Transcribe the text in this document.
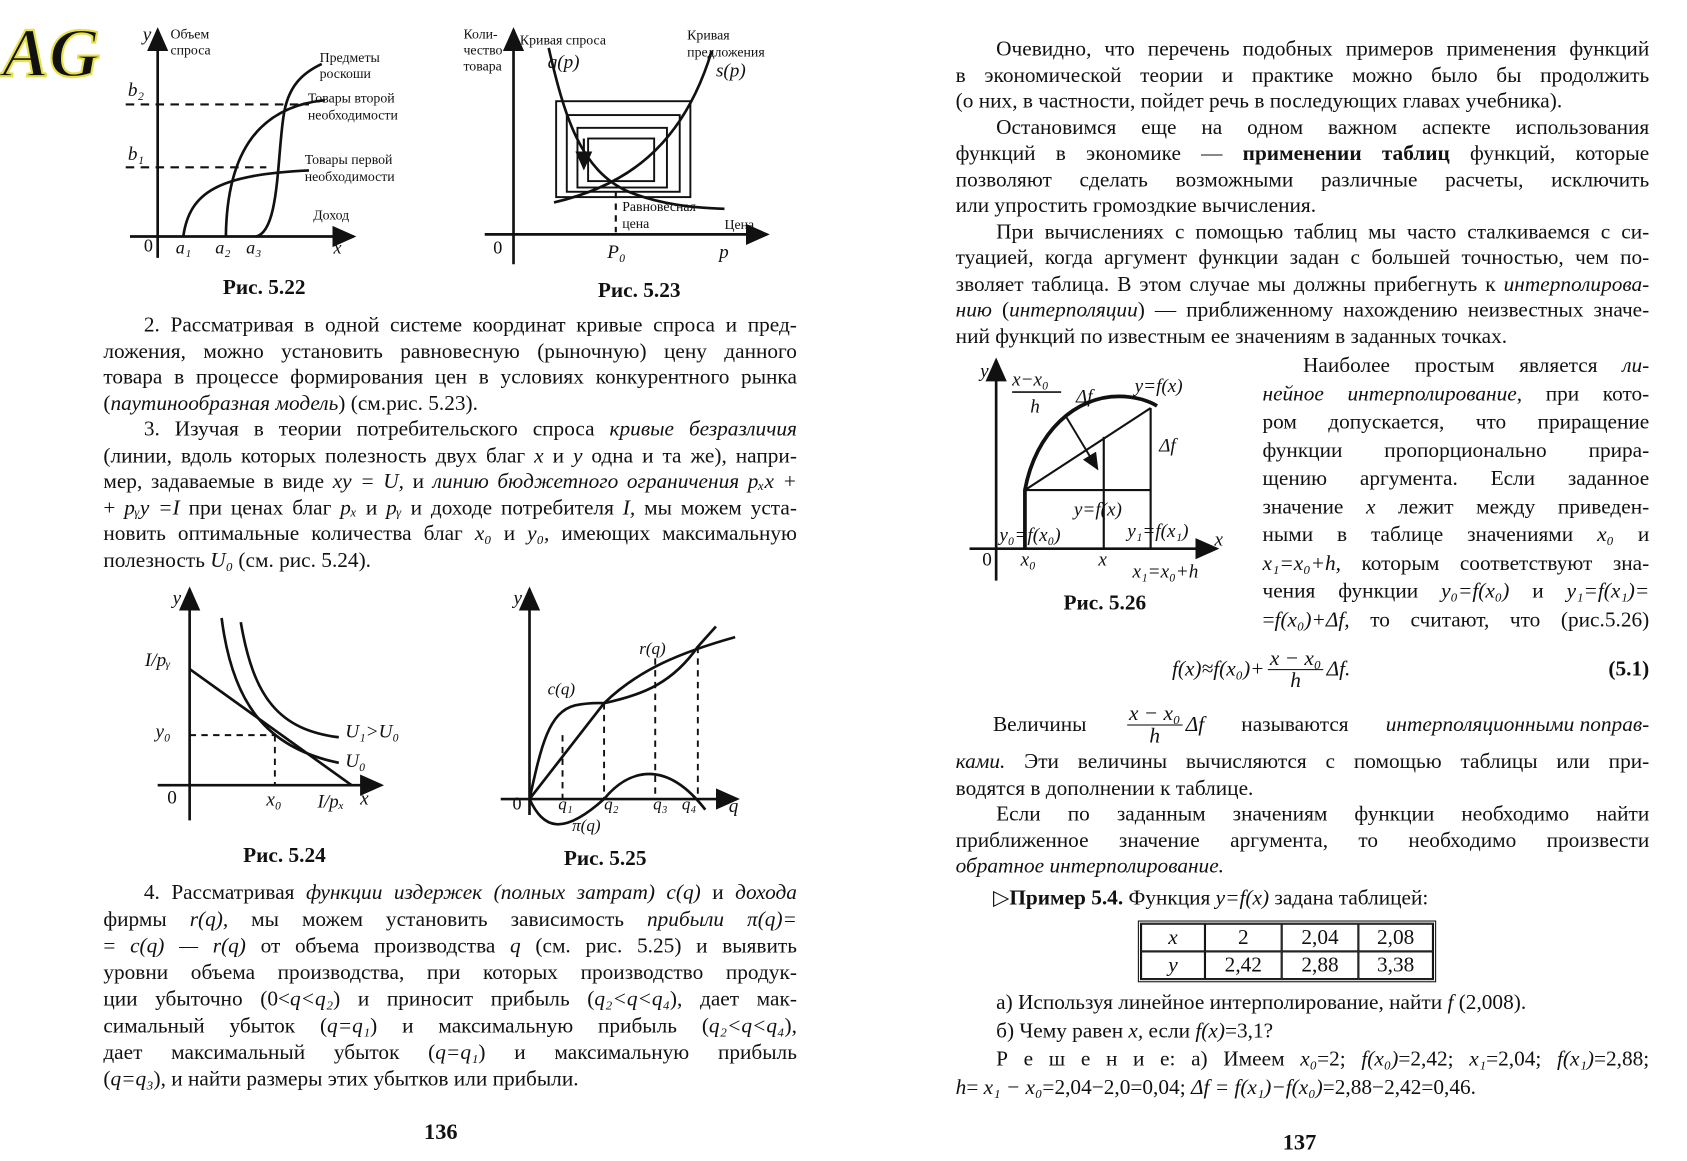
AG y Объем
спроса
b₂
b₁
0 a₁ a₂ a₃	x
Доход
Предметы
роскоши
Товары второй
необходимости
Товары первой
необходимости
Рис. 5.22
Коли-
чество
товара
Кривая спроса
q(p)
Кривая
предложения
s(p)
Равновесная
цена	Цена
0	P₀	p
Рис. 5.23
y
I/pᵧ
y₀
0	x₀ I/pₓ x
U₁>U₀
U₀
Рис. 5.24
y
0 q₁ q₂ q₃ q₄ q
π(q)
c(q)
r(q)
Рис. 5.25
y x−x₀
h Δf
y=f(x)
Δf
y=f(x)
y₀=f(x₀)	y₁=f(x₁) x
0 x₀	x
x₁=x₀+h
Рис. 5.26
2. Рассматривая в одной системе координат кривые спроса и пред-
ложения, можно установить равновесную (рыночную) цену данного
товара в процессе формирования цен в условиях конкурентного рынка
(паутинообразная модель) (см.рис. 5.23).
3. Изучая в теории потребительского спроса кривые безразличия
(линии, вдоль которых полезность двух благ x и y одна и та же), напри-
мер, задаваемые в виде xy = U, и линию бюджетного ограничения pₓx +
+ pᵧy =I при ценах благ pₓ и pᵧ и доходе потребителя I, мы можем уста-
новить оптимальные количества благ x₀ и y₀, имеющих максимальную
полезность U₀ (см. рис. 5.24).
4. Рассматривая функции издержек (полных затрат) c(q) и дохода
фирмы r(q), мы можем установить зависимость прибыли π(q)=
= c(q) — r(q) от объема производства q (см. рис. 5.25) и выявить
уровни объема производства, при которых производство продук-
ции убыточно (0<q<q₂) и приносит прибыль (q₂<q<q₄), дает мак-
симальный убыток (q=q₁) и максимальную прибыль (q₂<q<q₄),
дает максимальный убыток (q=q₁) и максимальную прибыль
(q=q₃), и найти размеры этих убытков или прибыли.
136
Очевидно, что перечень подобных примеров применения функций
в экономической теории и практике можно было бы продолжить
(о них, в частности, пойдет речь в последующих главах учебника).
Остановимся еще на одном важном аспекте использования
функций в экономике — применении таблиц функций, которые
позволяют сделать возможными различные расчеты, исключить
или упростить громоздкие вычисления.
При вычислениях с помощью таблиц мы часто сталкиваемся с си-
туацией, когда аргумент функции задан с большей точностью, чем по-
зволяет таблица. В этом случае мы должны прибегнуть к интерполирова-
нию (интерполяции) — приближенному нахождению неизвестных значе-
ний функций по известным ее значениям в заданных точках.
Наиболее простым является ли-
нейное интерполирование, при кото-
ром допускается, что приращение
функции пропорционально прира-
щению аргумента. Если заданное
значение x лежит между приведен-
ными в таблице значениями x₀ и
x₁=x₀+h, которым соответствуют зна-
чения функции y₀=f(x₀) и y₁=f(x₁)=
=f(x₀)+Δf, то считают, что (рис.5.26)
$f(x)\approx f(x_0)+ \frac{\text{x − x₀}}{h} \Delta f$.	(5.1)
Величины $\frac{\text{x − x₀}}{h}$ Δf называются интерполяционными поправ-
ками. Эти величины вычисляются с помощью таблицы или при-
водятся в дополнении к таблице.
Если по заданным значениям функции необходимо найти
приближенное значение аргумента, то необходимо произвести
обратное интерполирование.
▷Пример 5.4. Функция y=f(x) задана таблицей:
x	2	2,04	2,08
y	2,42	2,88	3,38
а) Используя линейное интерполирование, найти f (2,008).
б) Чему равен x, если f(x)=3,1?
Р е ш е н и е: а) Имеем x₀=2; f(x₀)=2,42; x₁=2,04; f(x₁)=2,88;
h= x₁ − x₀=2,04−2,0=0,04; Δf = f(x₁)−f(x₀)=2,88−2,42=0,46.
137
